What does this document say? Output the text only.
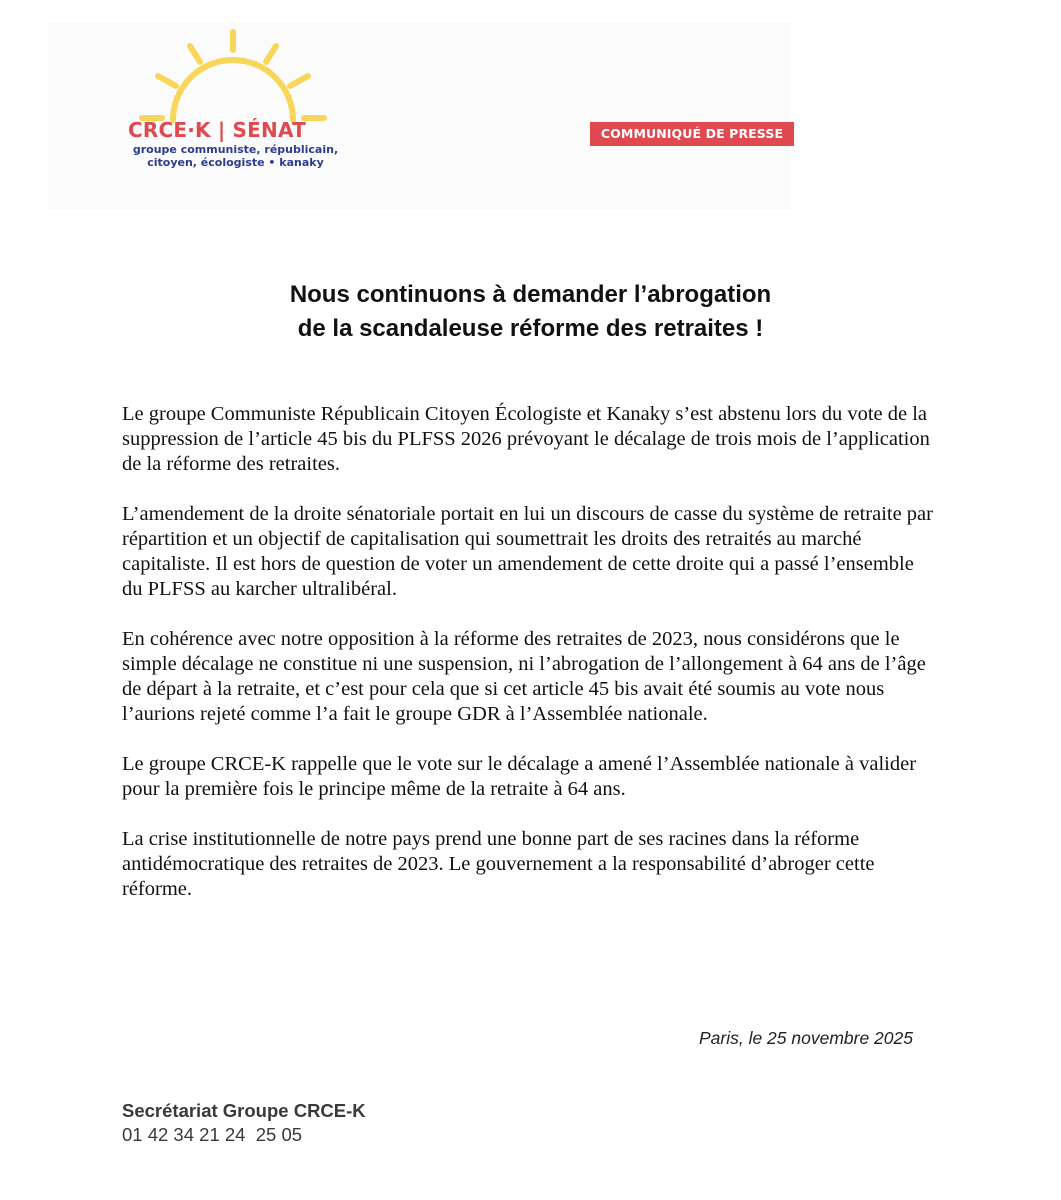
CRCE·K | SÉNAT
groupe communiste, républicain,
citoyen, écologiste • kanaky
COMMUNIQUÉ DE PRESSE
Nous continuons à demander l’abrogation
de la scandaleuse réforme des retraites !

Le groupe Communiste Républicain Citoyen Écologiste et Kanaky s’est abstenu lors du vote de la suppression de l’article 45 bis du PLFSS 2026 prévoyant le décalage de trois mois de l’application de la réforme des retraites.

L’amendement de la droite sénatoriale portait en lui un discours de casse du système de retraite par répartition et un objectif de capitalisation qui soumettrait les droits des retraités au marché capitaliste. Il est hors de question de voter un amendement de cette droite qui a passé l’ensemble du PLFSS au karcher ultralibéral.

En cohérence avec notre opposition à la réforme des retraites de 2023, nous considérons que le simple décalage ne constitue ni une suspension, ni l’abrogation de l’allongement à 64 ans de l’âge de départ à la retraite, et c’est pour cela que si cet article 45 bis avait été soumis au vote nous l’aurions rejeté comme l’a fait le groupe GDR à l’Assemblée nationale.

Le groupe CRCE-K rappelle que le vote sur le décalage a amené l’Assemblée nationale à valider pour la première fois le principe même de la retraite à 64 ans.

La crise institutionnelle de notre pays prend une bonne part de ses racines dans la réforme antidémocratique des retraites de 2023. Le gouvernement a la responsabilité d’abroger cette réforme.

Paris, le 25 novembre 2025
Secrétariat Groupe CRCE-K
01 42 34 21 24  25 05
